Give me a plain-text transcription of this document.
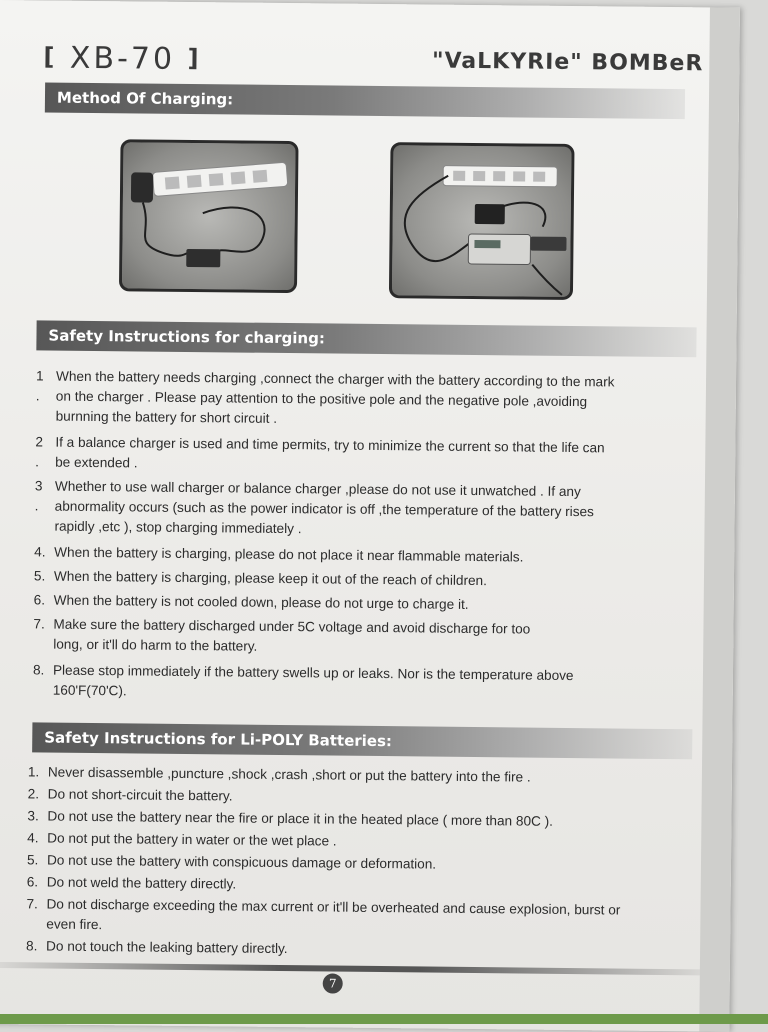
[ XB-70 ]	"VaLKYRIe" BOMBeR
Method Of Charging:
Safety Instructions for charging:
1 .
When the battery needs charging ,connect the charger with the battery according to the mark
on the charger . Please pay attention to the positive pole and the negative pole ,avoiding
burnning the battery for short circuit .
2 .
If a balance charger is used and time permits, try to minimize the current so that the life can
be extended .
3 .
Whether to use wall charger or balance charger ,please do not use it unwatched . If any
abnormality occurs (such as the power indicator is off ,the temperature of the battery rises
rapidly ,etc ), stop charging immediately .
4. When the battery is charging, please do not place it near flammable materials.
5. When the battery is charging, please keep it out of the reach of children.
6. When the battery is not cooled down, please do not urge to charge it.
7. Make sure the battery discharged under 5C voltage and avoid discharge for too
long, or it'll do harm to the battery.
8. Please stop immediately if the battery swells up or leaks. Nor is the temperature above
160'F(70'C).
Safety Instructions for Li-POLY Batteries:
1. Never disassemble ,puncture ,shock ,crash ,short or put the battery into the fire .
2. Do not short-circuit the battery.
3. Do not use the battery near the fire or place it in the heated place ( more than 80C ).
4. Do not put the battery in water or the wet place .
5. Do not use the battery with conspicuous damage or deformation.
6. Do not weld the battery directly.
7. Do not discharge exceeding the max current or it'll be overheated and cause explosion, burst or
even fire.
8. Do not touch the leaking battery directly.
7
